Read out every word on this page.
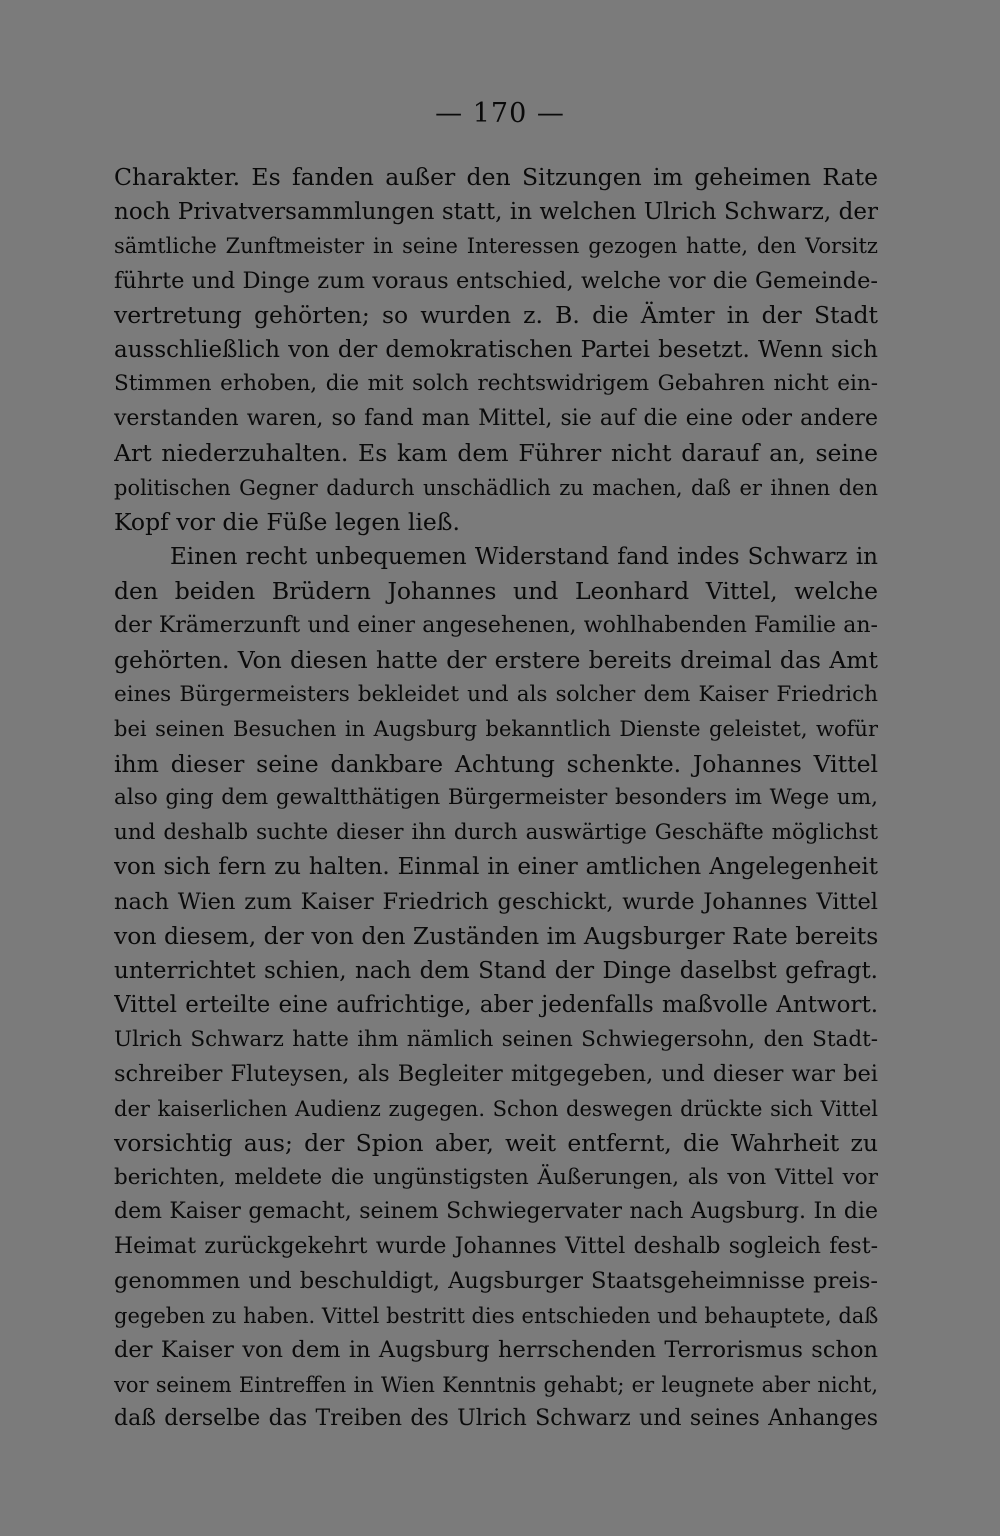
— 170 —
Charakter. Es fanden außer den Sitzungen im geheimen Rate
noch Privatversammlungen statt, in welchen Ulrich Schwarz, der
sämtliche Zunftmeister in seine Interessen gezogen hatte, den Vorsitz
führte und Dinge zum voraus entschied, welche vor die Gemeinde-
vertretung gehörten; so wurden z. B. die Ämter in der Stadt
ausschließlich von der demokratischen Partei besetzt. Wenn sich
Stimmen erhoben, die mit solch rechtswidrigem Gebahren nicht ein-
verstanden waren, so fand man Mittel, sie auf die eine oder andere
Art niederzuhalten. Es kam dem Führer nicht darauf an, seine
politischen Gegner dadurch unschädlich zu machen, daß er ihnen den
Kopf vor die Füße legen ließ.
Einen recht unbequemen Widerstand fand indes Schwarz in
den beiden Brüdern Johannes und Leonhard Vittel, welche
der Krämerzunft und einer angesehenen, wohlhabenden Familie an-
gehörten. Von diesen hatte der erstere bereits dreimal das Amt
eines Bürgermeisters bekleidet und als solcher dem Kaiser Friedrich
bei seinen Besuchen in Augsburg bekanntlich Dienste geleistet, wofür
ihm dieser seine dankbare Achtung schenkte. Johannes Vittel
also ging dem gewaltthätigen Bürgermeister besonders im Wege um,
und deshalb suchte dieser ihn durch auswärtige Geschäfte möglichst
von sich fern zu halten. Einmal in einer amtlichen Angelegenheit
nach Wien zum Kaiser Friedrich geschickt, wurde Johannes Vittel
von diesem, der von den Zuständen im Augsburger Rate bereits
unterrichtet schien, nach dem Stand der Dinge daselbst gefragt.
Vittel erteilte eine aufrichtige, aber jedenfalls maßvolle Antwort.
Ulrich Schwarz hatte ihm nämlich seinen Schwiegersohn, den Stadt-
schreiber Fluteysen, als Begleiter mitgegeben, und dieser war bei
der kaiserlichen Audienz zugegen. Schon deswegen drückte sich Vittel
vorsichtig aus; der Spion aber, weit entfernt, die Wahrheit zu
berichten, meldete die ungünstigsten Äußerungen, als von Vittel vor
dem Kaiser gemacht, seinem Schwiegervater nach Augsburg. In die
Heimat zurückgekehrt wurde Johannes Vittel deshalb sogleich fest-
genommen und beschuldigt, Augsburger Staatsgeheimnisse preis-
gegeben zu haben. Vittel bestritt dies entschieden und behauptete, daß
der Kaiser von dem in Augsburg herrschenden Terrorismus schon
vor seinem Eintreffen in Wien Kenntnis gehabt; er leugnete aber nicht,
daß derselbe das Treiben des Ulrich Schwarz und seines Anhanges
